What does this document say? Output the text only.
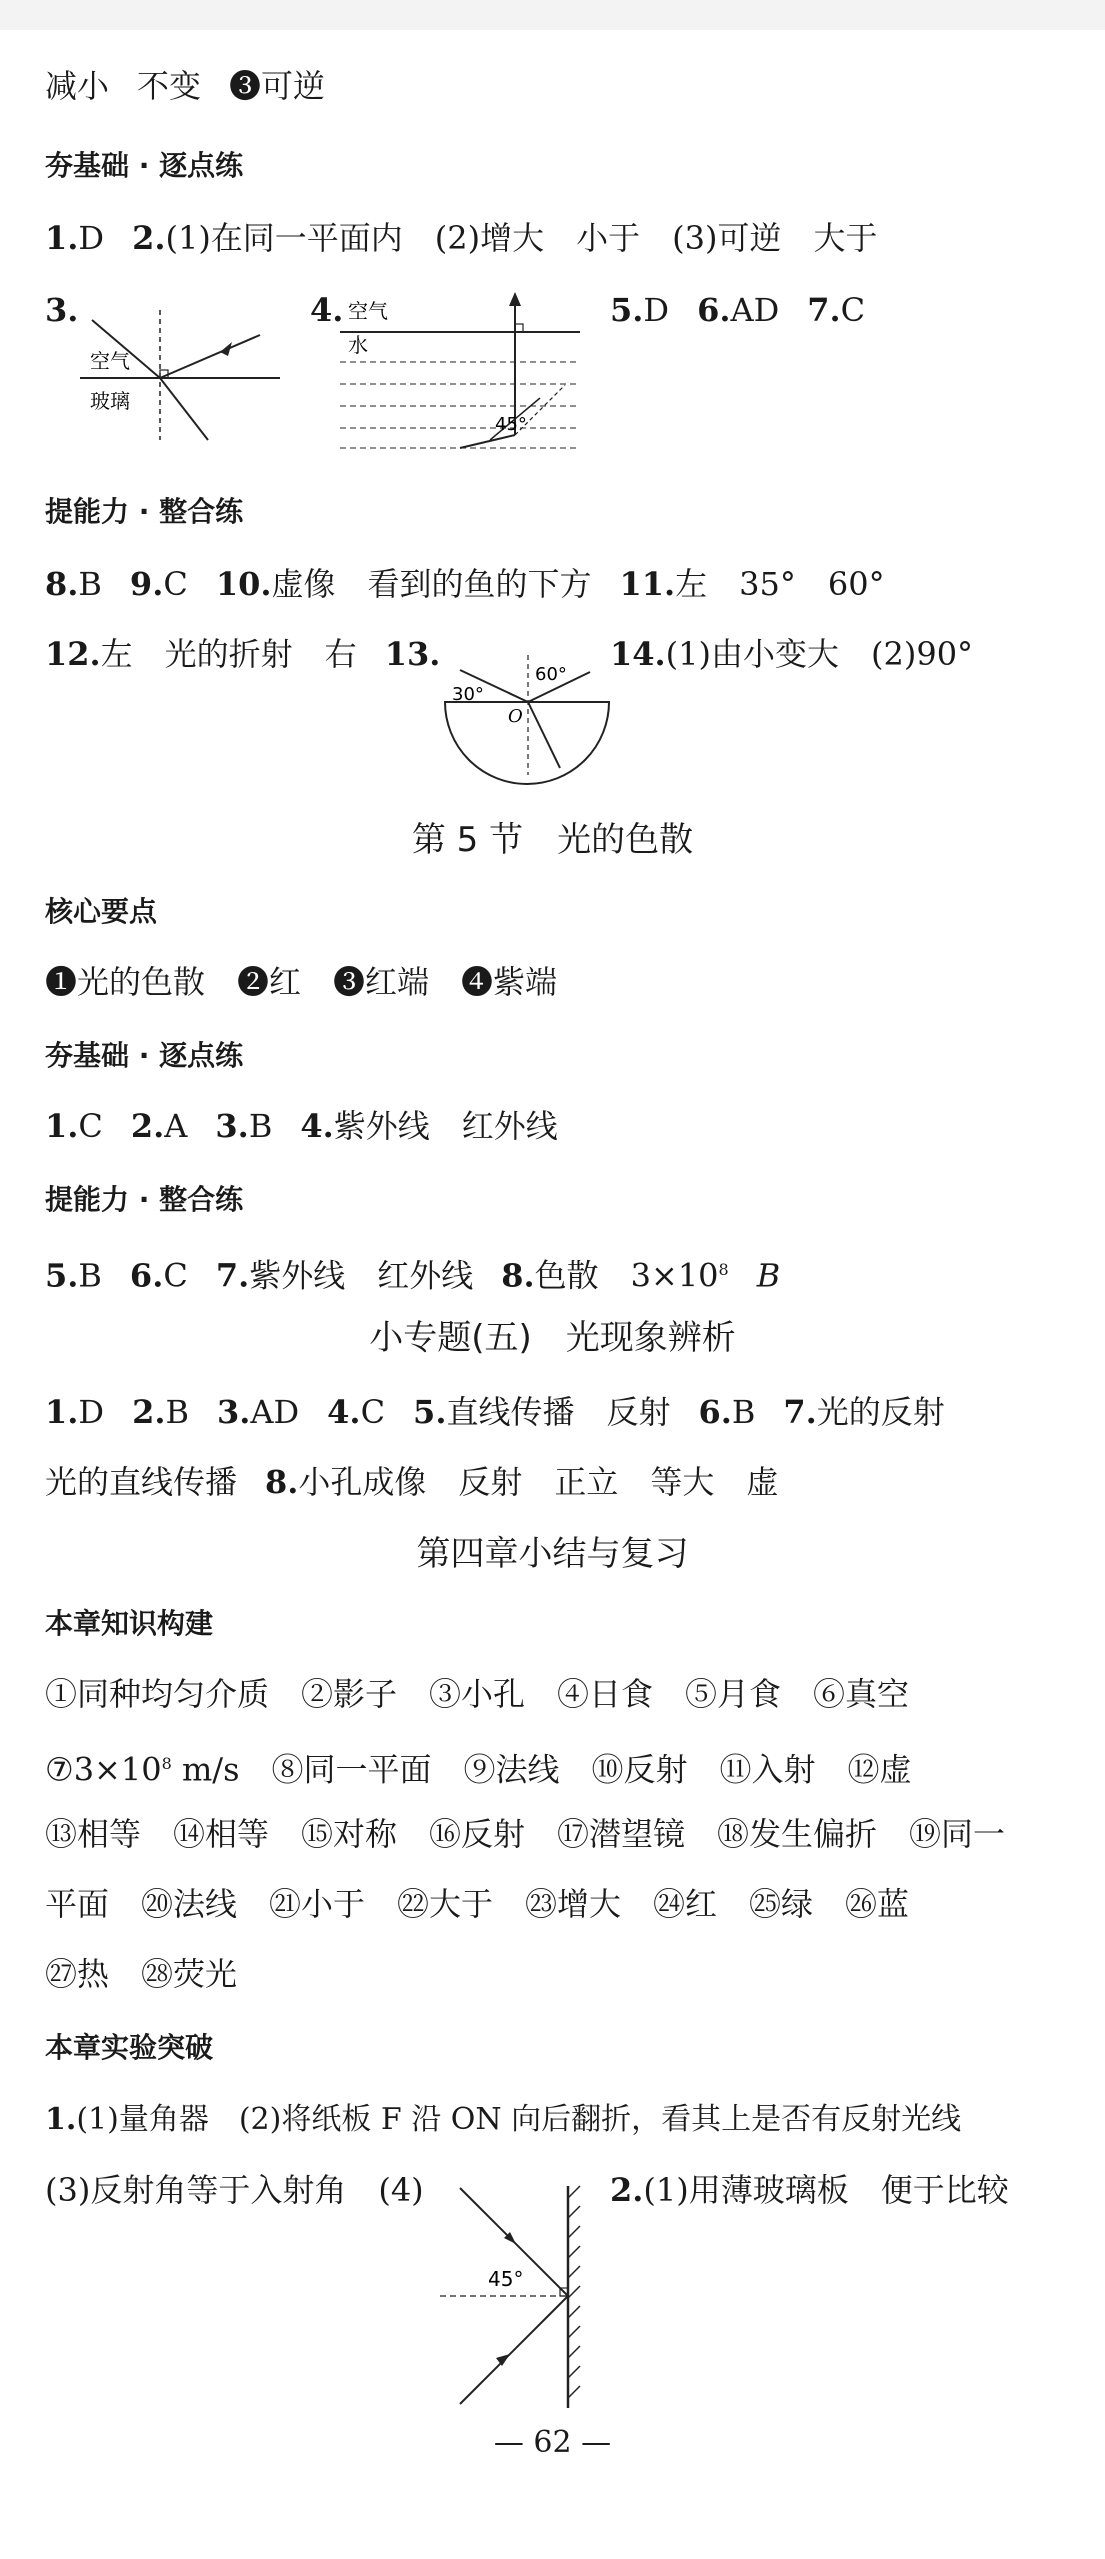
减小 不变 ❸可逆
夯基础 · 逐点练
1.D 2.(1)在同一平面内　(2)增大　小于　(3)可逆　大于
3.
空气
玻璃
4. 空气
水
45°
5.D 6.AD 7.C
提能力 · 整合练
8.B 9.C 10.虚像　看到的鱼的下方 11.左　35°　60°
12.左　光的折射　右 13.
30°
60°
O
14.(1)由小变大　(2)90°
第 5 节　光的色散
核心要点
❶光的色散　❷红　❸红端　❹紫端
夯基础 · 逐点练
1.C 2.A 3.B 4.紫外线　红外线
提能力 · 整合练
5.B 6.C 7.紫外线　红外线 8.色散　$3\times 10^8$ B
小专题(五)　光现象辨析
1.D 2.B 3.AD 4.C 5.直线传播　反射 6.B 7.光的反射
光的直线传播 8.小孔成像　反射　正立　等大　虚
第四章小结与复习
本章知识构建
①同种均匀介质　②影子　③小孔　④日食　⑤月食　⑥真空
$⑦3\times 10^8$ m/s　⑧同一平面　⑨法线　⑩反射　⑪入射　⑫虚
⑬相等　⑭相等　⑮对称　⑯反射　⑰潜望镜　⑱发生偏折　⑲同一
平面　⑳法线　㉑小于　㉒大于　㉓增大　㉔红　㉕绿　㉖蓝
㉗热　㉘荧光
本章实验突破
1.(1)量角器　(2)将纸板 F 沿 ON 向后翻折，看其上是否有反射光线
(3)反射角等于入射角　(4)
45°
2.(1)用薄玻璃板　便于比较
— 62 —
